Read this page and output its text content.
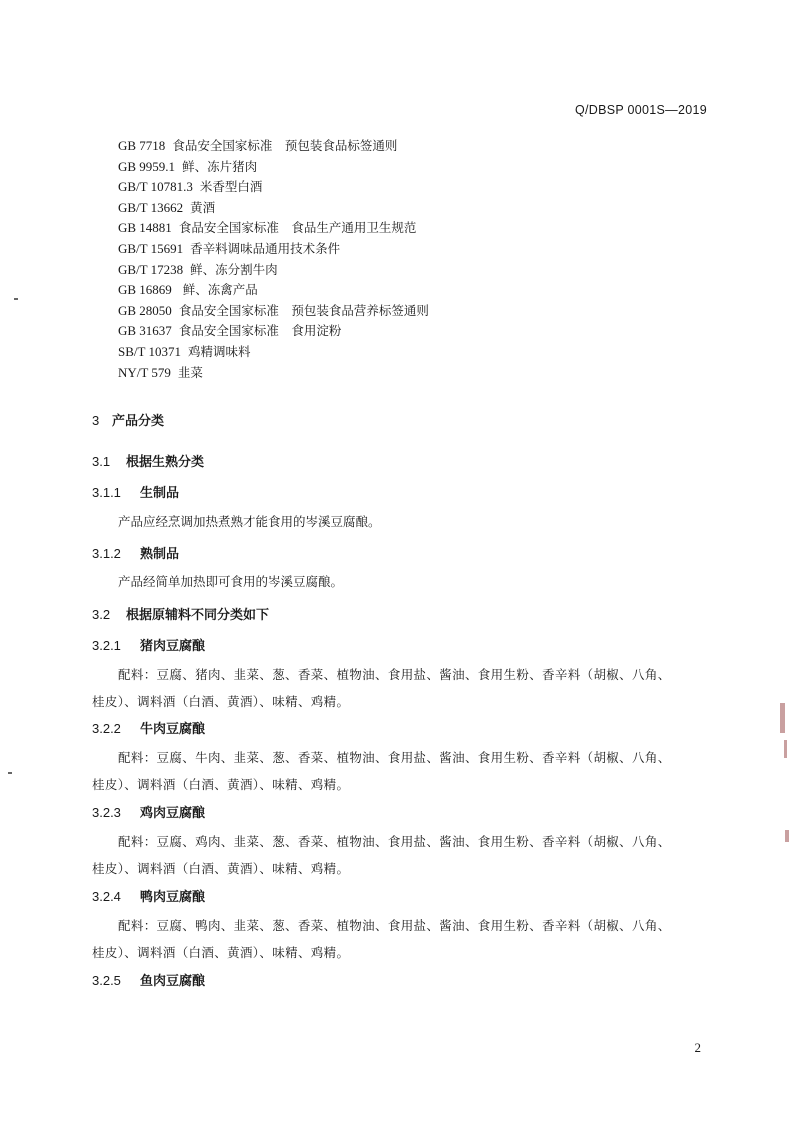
Q/DBSP 0001S—2019
GB 7718 食品安全国家标准　预包装食品标签通则
GB 9959.1 鲜、冻片猪肉
GB/T 10781.3 米香型白酒
GB/T 13662 黄酒
GB 14881 食品安全国家标准　食品生产通用卫生规范
GB/T 15691 香辛料调味品通用技术条件
GB/T 17238 鲜、冻分割牛肉
GB 16869 鲜、冻禽产品
GB 28050 食品安全国家标准　预包装食品营养标签通则
GB 31637 食品安全国家标准　食用淀粉
SB/T 10371 鸡精调味料
NY/T 579 韭菜
3 产品分类
3.1 根据生熟分类
3.1.1 生制品
产品应经烹调加热煮熟才能食用的岑溪豆腐酿。
3.1.2 熟制品
产品经简单加热即可食用的岑溪豆腐酿。
3.2 根据原辅料不同分类如下
3.2.1 猪肉豆腐酿
配料：豆腐、猪肉、韭菜、葱、香菜、植物油、食用盐、酱油、食用生粉、香辛料（胡椒、八角、
桂皮）、调料酒（白酒、黄酒）、味精、鸡精。
3.2.2 牛肉豆腐酿
配料：豆腐、牛肉、韭菜、葱、香菜、植物油、食用盐、酱油、食用生粉、香辛料（胡椒、八角、
桂皮）、调料酒（白酒、黄酒）、味精、鸡精。
3.2.3 鸡肉豆腐酿
配料：豆腐、鸡肉、韭菜、葱、香菜、植物油、食用盐、酱油、食用生粉、香辛料（胡椒、八角、
桂皮）、调料酒（白酒、黄酒）、味精、鸡精。
3.2.4 鸭肉豆腐酿
配料：豆腐、鸭肉、韭菜、葱、香菜、植物油、食用盐、酱油、食用生粉、香辛料（胡椒、八角、
桂皮）、调料酒（白酒、黄酒）、味精、鸡精。
3.2.5 鱼肉豆腐酿
2
